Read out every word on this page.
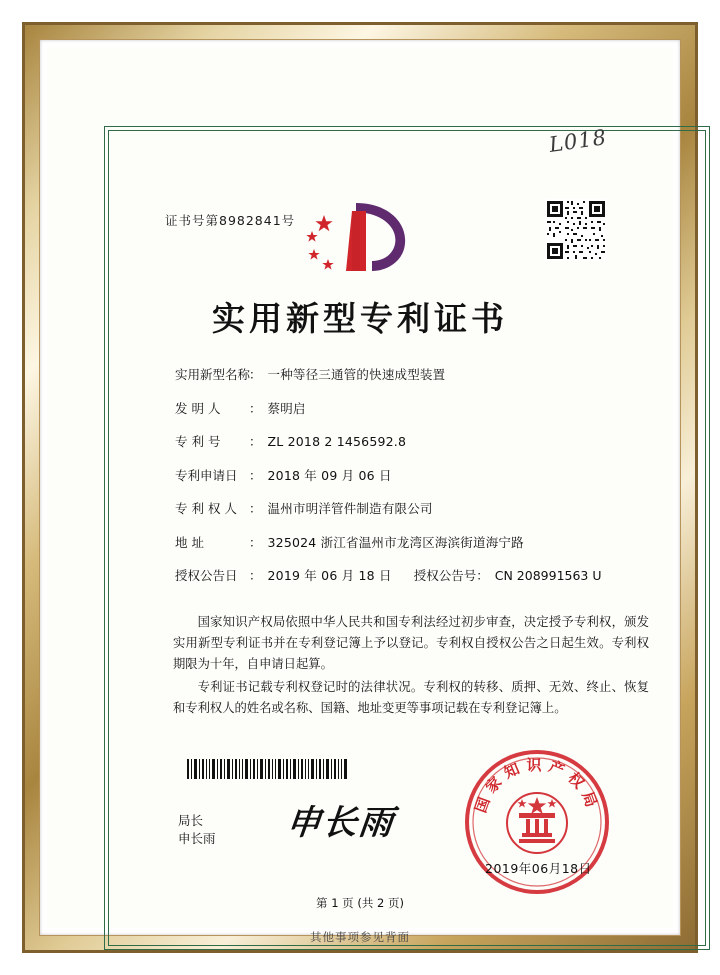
L018
证书号第8982841号
实用新型专利证书
实用新型名称
： 一种等径三通管的快速成型装置
发 明 人	： 蔡明启
专 利 号	： ZL 2018 2 1456592.8
专利申请日 ： 2018 年 09 月 06 日
专 利 权 人 ： 温州市明洋管件制造有限公司
地 址	： 325024 浙江省温州市龙湾区海滨街道海宁路
授权公告日 ： 2019 年 06 月 18 日 授权公告号 ： CN 208991563 U

国家知识产权局依照中华人民共和国专利法经过初步审查，决定授予专利权，颁发实用新型专利证书并在专利登记簿上予以登记。专利权自授权公告之日起生效。专利权期限为十年，自申请日起算。

专利证书记载专利权登记时的法律状况。专利权的转移、质押、无效、终止、恢复和专利权人的姓名或名称、国籍、地址变更等事项记载在专利登记簿上。

局长
申长雨 申长雨
国家知识产权局
2019年06月18日
第 1 页 (共 2 页)
其他事项参见背面
